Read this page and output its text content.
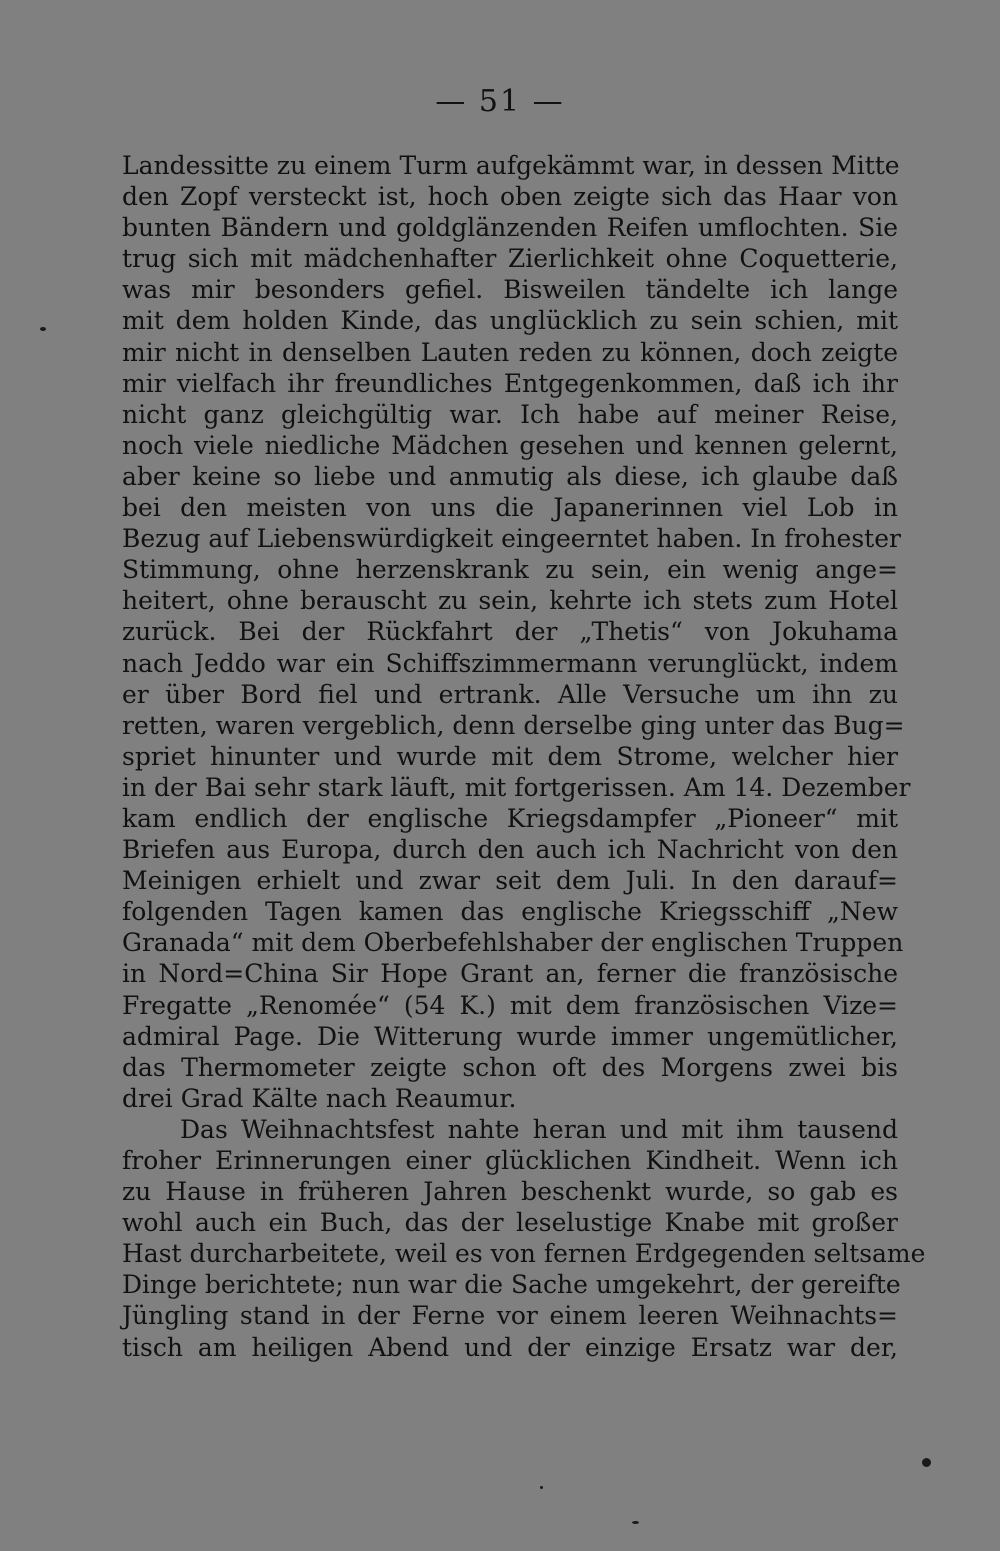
— 51 —
Landessitte zu einem Turm aufgekämmt war, in dessen Mitte
den Zopf versteckt ist, hoch oben zeigte sich das Haar von
bunten Bändern und goldglänzenden Reifen umflochten. Sie
trug sich mit mädchenhafter Zierlichkeit ohne Coquetterie,
was mir besonders gefiel. Bisweilen tändelte ich lange
mit dem holden Kinde, das unglücklich zu sein schien, mit
mir nicht in denselben Lauten reden zu können, doch zeigte
mir vielfach ihr freundliches Entgegenkommen, daß ich ihr
nicht ganz gleichgültig war. Ich habe auf meiner Reise,
noch viele niedliche Mädchen gesehen und kennen gelernt,
aber keine so liebe und anmutig als diese, ich glaube daß
bei den meisten von uns die Japanerinnen viel Lob in
Bezug auf Liebenswürdigkeit eingeerntet haben. In frohester
Stimmung, ohne herzenskrank zu sein, ein wenig ange=
heitert, ohne berauscht zu sein, kehrte ich stets zum Hotel
zurück. Bei der Rückfahrt der „Thetis“ von Jokuhama
nach Jeddo war ein Schiffszimmermann verunglückt, indem
er über Bord fiel und ertrank. Alle Versuche um ihn zu
retten, waren vergeblich, denn derselbe ging unter das Bug=
spriet hinunter und wurde mit dem Strome, welcher hier
in der Bai sehr stark läuft, mit fortgerissen. Am 14. Dezember
kam endlich der englische Kriegsdampfer „Pioneer“ mit
Briefen aus Europa, durch den auch ich Nachricht von den
Meinigen erhielt und zwar seit dem Juli. In den darauf=
folgenden Tagen kamen das englische Kriegsschiff „New
Granada“ mit dem Oberbefehlshaber der englischen Truppen
in Nord=China Sir Hope Grant an, ferner die französische
Fregatte „Renomée“ (54 K.) mit dem französischen Vize=
admiral Page. Die Witterung wurde immer ungemütlicher,
das Thermometer zeigte schon oft des Morgens zwei bis
drei Grad Kälte nach Reaumur.
Das Weihnachtsfest nahte heran und mit ihm tausend
froher Erinnerungen einer glücklichen Kindheit. Wenn ich
zu Hause in früheren Jahren beschenkt wurde, so gab es
wohl auch ein Buch, das der leselustige Knabe mit großer
Hast durcharbeitete, weil es von fernen Erdgegenden seltsame
Dinge berichtete; nun war die Sache umgekehrt, der gereifte
Jüngling stand in der Ferne vor einem leeren Weihnachts=
tisch am heiligen Abend und der einzige Ersatz war der,
